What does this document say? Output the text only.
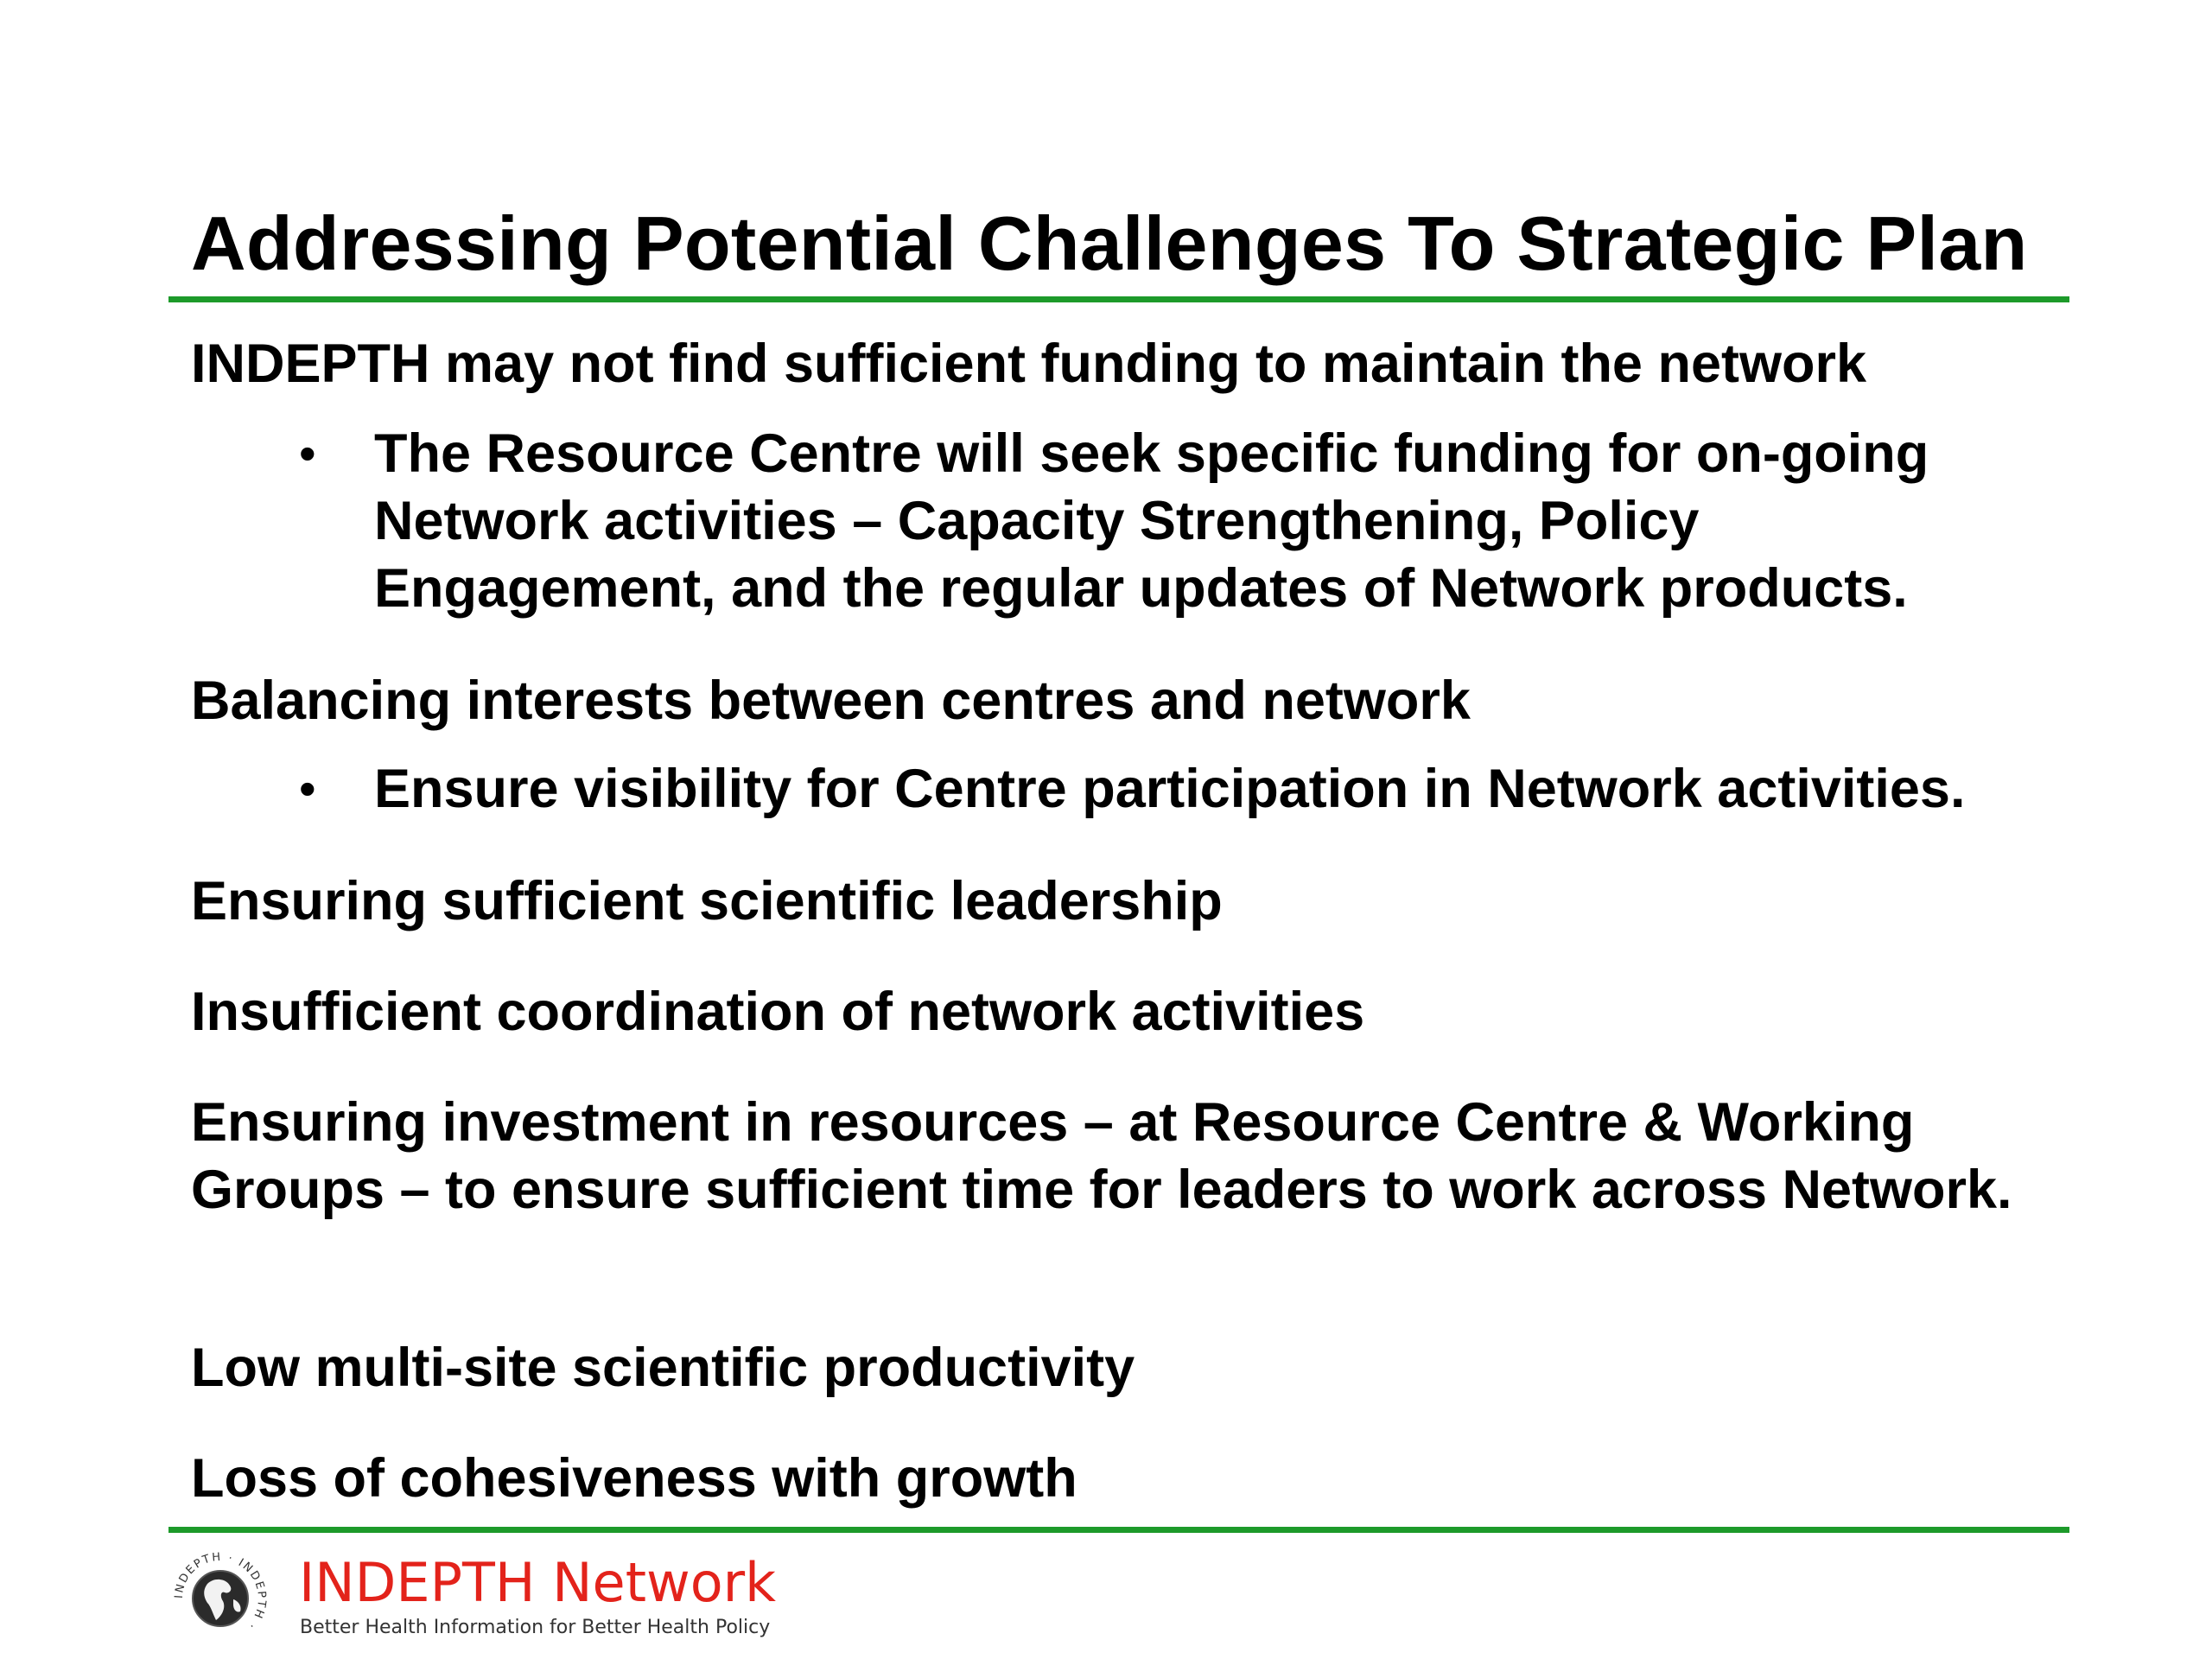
Addressing Potential Challenges To Strategic Plan
INDEPTH may not find sufficient funding to maintain the network
• The Resource Centre will seek specific funding for on-going
Network activities – Capacity Strengthening, Policy
Engagement, and the regular updates of Network products.
Balancing interests between centres and network
• Ensure visibility for Centre participation in Network activities.
Ensuring sufficient scientific leadership
Insufficient coordination of network activities
Ensuring investment in resources – at Resource Centre & Working Groups – to ensure sufficient time for leaders to work across Network.
Low multi-site scientific productivity
Loss of cohesiveness with growth
INDEPTH · INDEPTH ·
INDEPTH Network
Better Health Information for Better Health Policy
